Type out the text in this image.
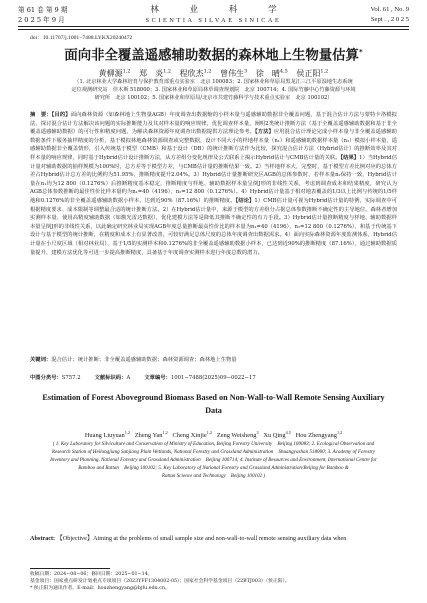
第 61 卷 第 9 期
2 0 2 5 年 9 月
林 业 科 学
SCIENTIA SILVAE SINICAE
Vol. 61 , No. 9
Sept . , 2 0 2 5
doi：10.11707/j.1001−7488.LYKX20240472
面向非全覆盖遥感辅助数据的森林地上生物量估算*
黄柳源$^{1,2}$ 郑　炎$^{1,2}$ 程欣杰$^{1,2}$ 曾伟生$^3$ 徐　晴$^{4,5}$ 侯正阳$^{1,2}$
（1. 北京林业大学森林培育与保护教育部重点实验室　北京 100083；2. 国家林业和草原局黑龙江三江平原湿地生态系统
定位观测研究站　佳木斯 518000；3. 国家林业和草原局林草调查规划院　北京 100714；4. 国际竹藤中心竹藤资源与环境
研究所　北京 100102；5. 国家林业和草原局/北京市共建竹藤科学与技术重点实验室　北京 100102）
摘　要：【目的】面向森林资源（如森林地上生物量AGB）年度调查出数据缩的小样本量与遥感辅助数据非全覆盖问题，基于混合估计方法与蒙特卡洛模拟法，探讨混合估计方法解决该问题的实际推断能力及其对样本量的响应规律，优化调查样本量，阐明2类统计推断方法（基于全覆盖遥感辅助数据和基于非全覆盖遥感辅助数据）的可行性和精度问题，为解决森林资源年度调查出数据提供方法理论参考。【方法】应用混合估计理论完成小样本量与非全覆盖遥感辅助数据条件下服务抽样精度的分析，基于模拟林地森林资源调查或完整数据，设计不同大小的样地样本量（n₁）和遥感辅助数据样本量（n₂）模拟小样本量、遥感辅助数据非全覆盖情形，引入传统基于模型（CMB）和基于设计（DB）的统计推断方法作为比较，探究混合估计方法（Hybrid估计）的推断效率及其对样本量的响应规律，同时基于Hybrid估计设计推断方法，从方差组分变化规律及公式联系上揭示Hybrid估计与CMB估计量的关联。【结果】1）当Hybrid估计量对辅助数据的抽样规模为100%时，总方差等于模型方差，与CMB估计量的推断结果一致。2）当样地样本大，完整时，基于模型方差比例对应的总体方差占Hybrid估计总方差的比例约为51.95%，推断精度提升2.04%。3）Hybrid估计量推断研究区AGB的总体参数时，若样本量n₂保持一致，Hybrid估计量在n₁均为12 800（0.1276%）后推断精度基本稳定，推断精度与样地、辅助数据样本量呈倒J形的非线性关系，考虑到调查成本和结果精度，研究认为AGB总体参数推断的最佳性价比样本量约为n₁=40（4196），n₂=12 800（0.1276%）。4）Hybrid估计量基于相对地表覆盖的1/3以上比例与传统的1/5样地和0.1276%的非全覆盖遥感辅助数据小样本，达到近90%（87.16%）的推断精度。【结论】1）CMB估计量可视为Hybrid估计量的特例，实际调查中可根据精度要求、成本限制等调整最合适的统计推断方法。2）在Hybrid估计量中，来源于模型的方差组分占据总体参数推断不确定性的主导地位，森林者增加实测样本量、使用高精度辅助数据（如激光雷达数据），优化建模方法等是降低其推断不确定性的有力手段。3）Hybrid估计量推断精度与样地、辅助数据样本量呈倒J形的非线性关系，以此确定研究林业局实现AGB年度总量推断最高性价比的样本量为n₁=40（4196），n₂=12 800（0.1276%），和基于传统基下设计与基于模型的统计推断，在精度和成本上有显著改善，可较好满足总体尺度的总体年度调查出数据需求。4）面向实际森林资源年度监测体系，Hybrid估计量在小尺度区域（相对林业局）、基于1/5的实测样本和0.1276%的非全覆盖遥感辅助数据小样本，已达到近90%的推断精度（87.16%），通过辅助数据质量提升、建模方法优化等可进一步提高推断精度，具备基于年度调查实测样本进行年度总数的潜力。
关键词：混合估计；统计推断；非全覆盖遥感辅助数据；森林资源调查；森林地上生物量
中图分类号：S757.2	文献标识码：A	文章编号：1001−7488(2025)09−0022−17
Estimation of Forest Aboveground Biomass Based on Non-Wall-to-Wall Remote Sensing Auxiliary Data
Huang Liuyuan$^{1,2}$ Zheng Yan$^{1,2}$ Cheng Xinjie$^{1,2}$ Zeng Weisheng$^3$ Xu Qing$^{4,5}$ Hou Zhengyang$^{1,2}$
( 1. Key Laboratory for Silviculture and Conservation of Ministry of Education, Beijing Forestry University　Beijing 100083; 2. Ecological Observation and
Research Station of Heilongjiang Sanjiang Plain Wetlands, National Forestry and Grassland Administration　Shuangyashan 518000; 3. Academy of Forestry
Inventory and Planning, National Forestry and Grassland Administration　Beijing 100714; 4. Institute of Resources and Environment, International Centre for
Bamboo and Rattan　Beijing 100102; 5. Key Laboratory of National Forestry and Grassland Administration/Beijing for Bamboo &
Rattan Science and Technology　Beijing 100102 )
Abstract: 【Objective】Aiming at the problems of small sample size and non-wall-to-wall remote sensing auxiliary data when
收稿日期：2024−08−06；修回日期：2025−01−14。
基金项目：国家重点研发计划重点专项项目（2023YFF1304002-05）；国家社会科学基金项目（22BTJ003）（侯正阳）。
* 侯正阳为通讯作者。E-mail：houzhengyang@bjfu.edu.cn。
